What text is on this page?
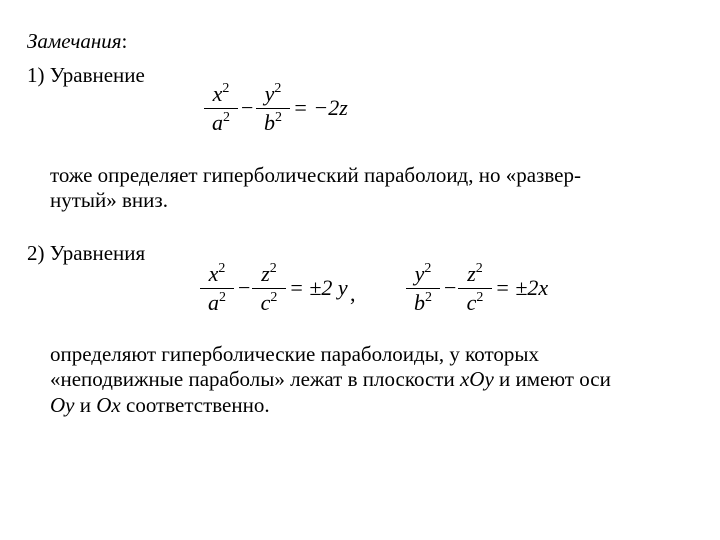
Замечания:
1) Уравнение
$x^2$
$a^2$ −
$y^2$
$b^2 = -2z$
тоже определяет гиперболический параболоид, но «развер-
нутый» вниз.
2) Уравнения
$x^2$
$a^2$ −
$z^2$
$c^2 = \pm 2$ y ,
$y^2$
$b^2$ −
$z^2$
$c^2 = \pm 2x$
определяют гиперболические параболоиды, у которых
«неподвижные параболы» лежат в плоскости xOy и имеют оси
Oy и Ox соответственно.
